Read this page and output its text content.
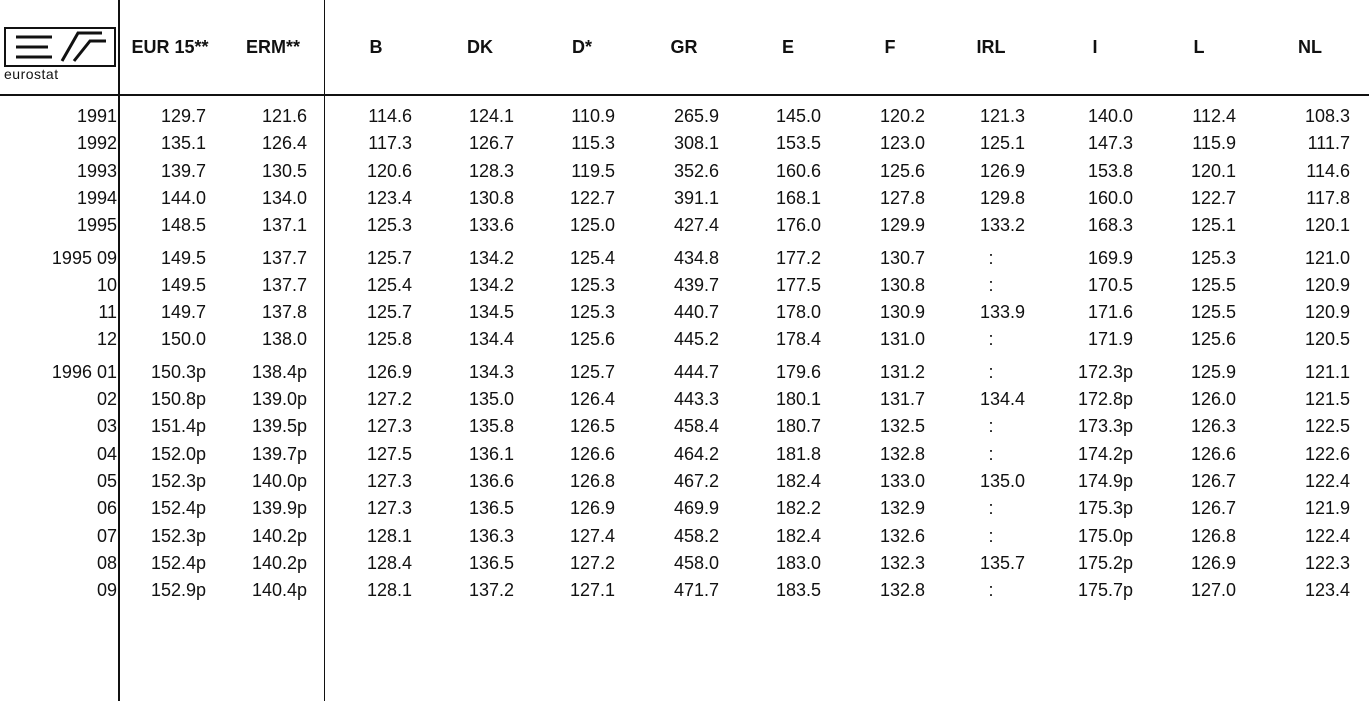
eurostat
EUR 15**	ERM**	B	DK	D*	GR	E	F	IRL	I	L	NL
1991	129.7	121.6	114.6	124.1	110.9	265.9	145.0	120.2	121.3	140.0	112.4	108.3
1992	135.1	126.4	117.3	126.7	115.3	308.1	153.5	123.0	125.1	147.3	115.9	111.7
1993	139.7	130.5	120.6	128.3	119.5	352.6	160.6	125.6	126.9	153.8	120.1	114.6
1994	144.0	134.0	123.4	130.8	122.7	391.1	168.1	127.8	129.8	160.0	122.7	117.8
1995	148.5	137.1	125.3	133.6	125.0	427.4	176.0	129.9	133.2	168.3	125.1	120.1
1995 09	149.5	137.7	125.7	134.2	125.4	434.8	177.2	130.7	:	169.9	125.3	121.0
10	149.5	137.7	125.4	134.2	125.3	439.7	177.5	130.8	:	170.5	125.5	120.9
11	149.7	137.8	125.7	134.5	125.3	440.7	178.0	130.9	133.9	171.6	125.5	120.9
12	150.0	138.0	125.8	134.4	125.6	445.2	178.4	131.0	:	171.9	125.6	120.5
1996 01	150.3p	138.4p	126.9	134.3	125.7	444.7	179.6	131.2	:	172.3p	125.9	121.1
02	150.8p	139.0p	127.2	135.0	126.4	443.3	180.1	131.7	134.4	172.8p	126.0	121.5
03	151.4p	139.5p	127.3	135.8	126.5	458.4	180.7	132.5	:	173.3p	126.3	122.5
04	152.0p	139.7p	127.5	136.1	126.6	464.2	181.8	132.8	:	174.2p	126.6	122.6
05	152.3p	140.0p	127.3	136.6	126.8	467.2	182.4	133.0	135.0	174.9p	126.7	122.4
06	152.4p	139.9p	127.3	136.5	126.9	469.9	182.2	132.9	:	175.3p	126.7	121.9
07	152.3p	140.2p	128.1	136.3	127.4	458.2	182.4	132.6	:	175.0p	126.8	122.4
08	152.4p	140.2p	128.4	136.5	127.2	458.0	183.0	132.3	135.7	175.2p	126.9	122.3
09	152.9p	140.4p	128.1	137.2	127.1	471.7	183.5	132.8	:	175.7p	127.0	123.4
